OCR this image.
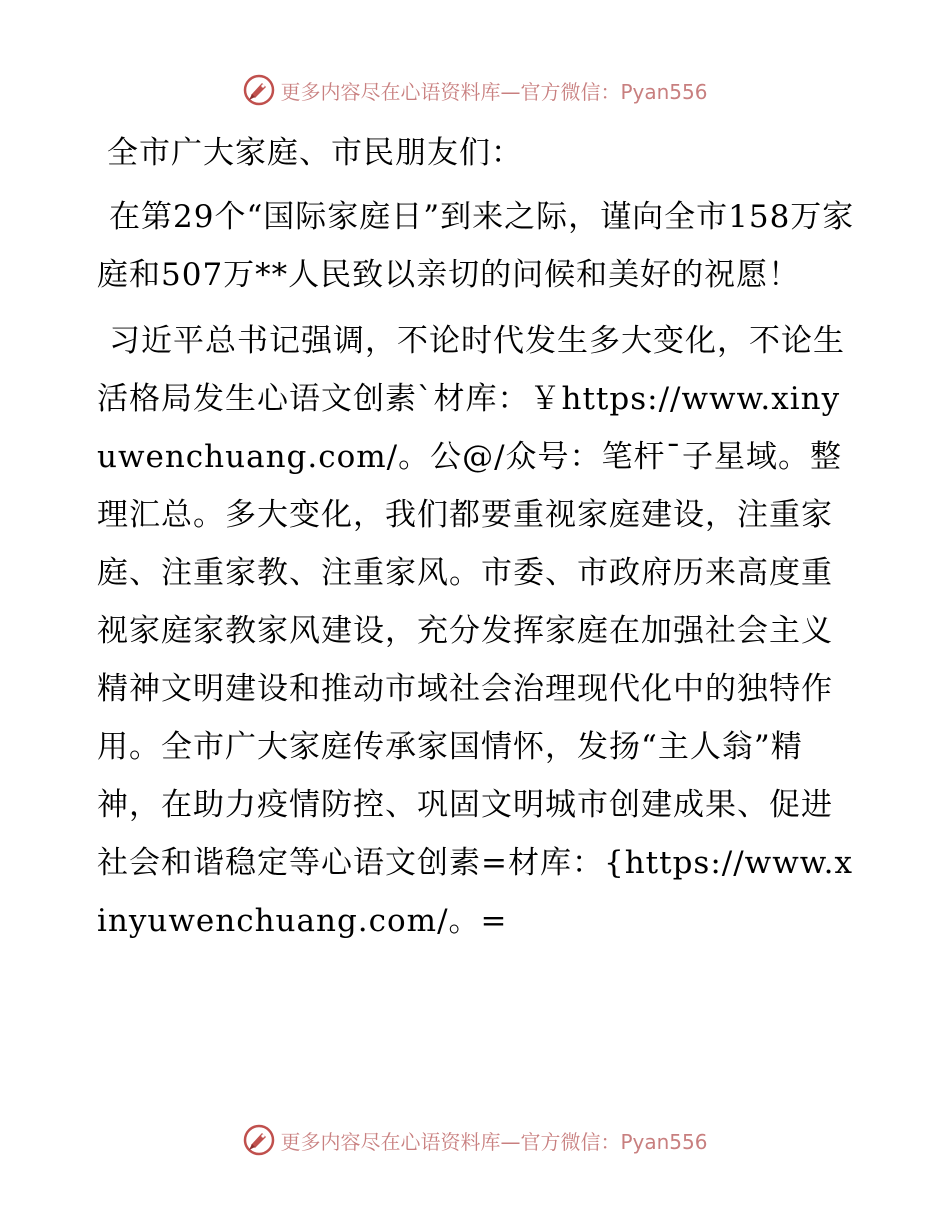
更多内容尽在心语资料库—官方微信：Pyan556

全市广大家庭、市民朋友们：

在第29个“国际家庭日”到来之际，谨向全市158万家庭和507万**人民致以亲切的问候和美好的祝愿！

习近平总书记强调，不论时代发生多大变化，不论生活格局发生心语文创素`材库：￥https://www.xinyuwenchuang.com/。公@/众号：笔杆¯子星域。整理汇总。多大变化，我们都要重视家庭建设，注重家庭、注重家教、注重家风。市委、市政府历来高度重视家庭家教家风建设，充分发挥家庭在加强社会主义精神文明建设和推动市域社会治理现代化中的独特作用。全市广大家庭传承家国情怀，发扬“主人翁”精神，在助力疫情防控、巩固文明城市创建成果、促进社会和谐稳定等心语文创素=材库：{https://www.xinyuwenchuang.com/。=

更多内容尽在心语资料库—官方微信：Pyan556
